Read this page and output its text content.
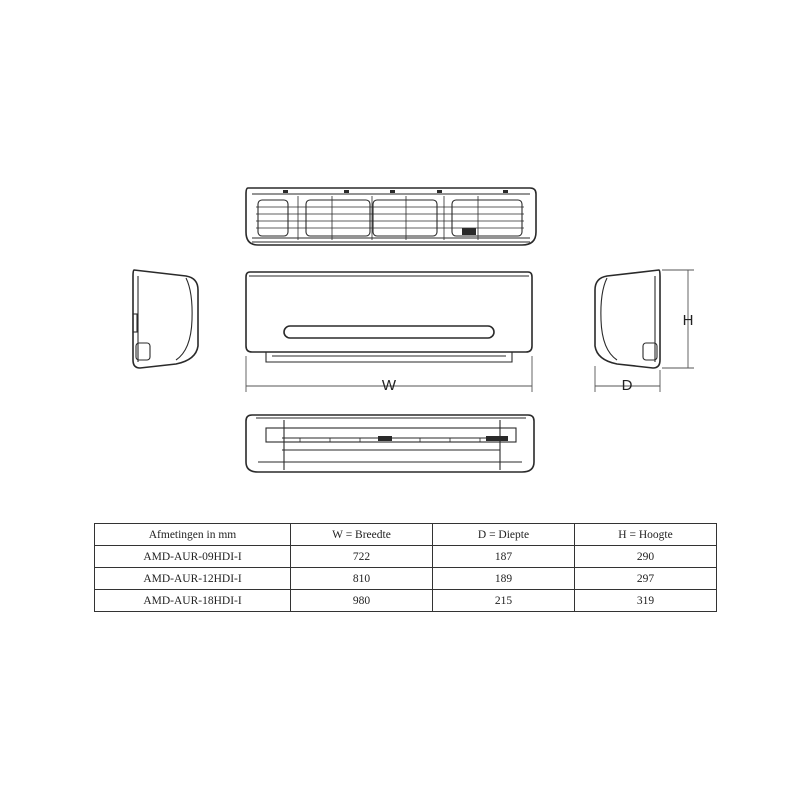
W	D
H
Afmetingen in mm	W = Breedte	D = Diepte	H = Hoogte
AMD-AUR-09HDI-I	722	187	290
AMD-AUR-12HDI-I	810	189	297
AMD-AUR-18HDI-I	980	215	319
